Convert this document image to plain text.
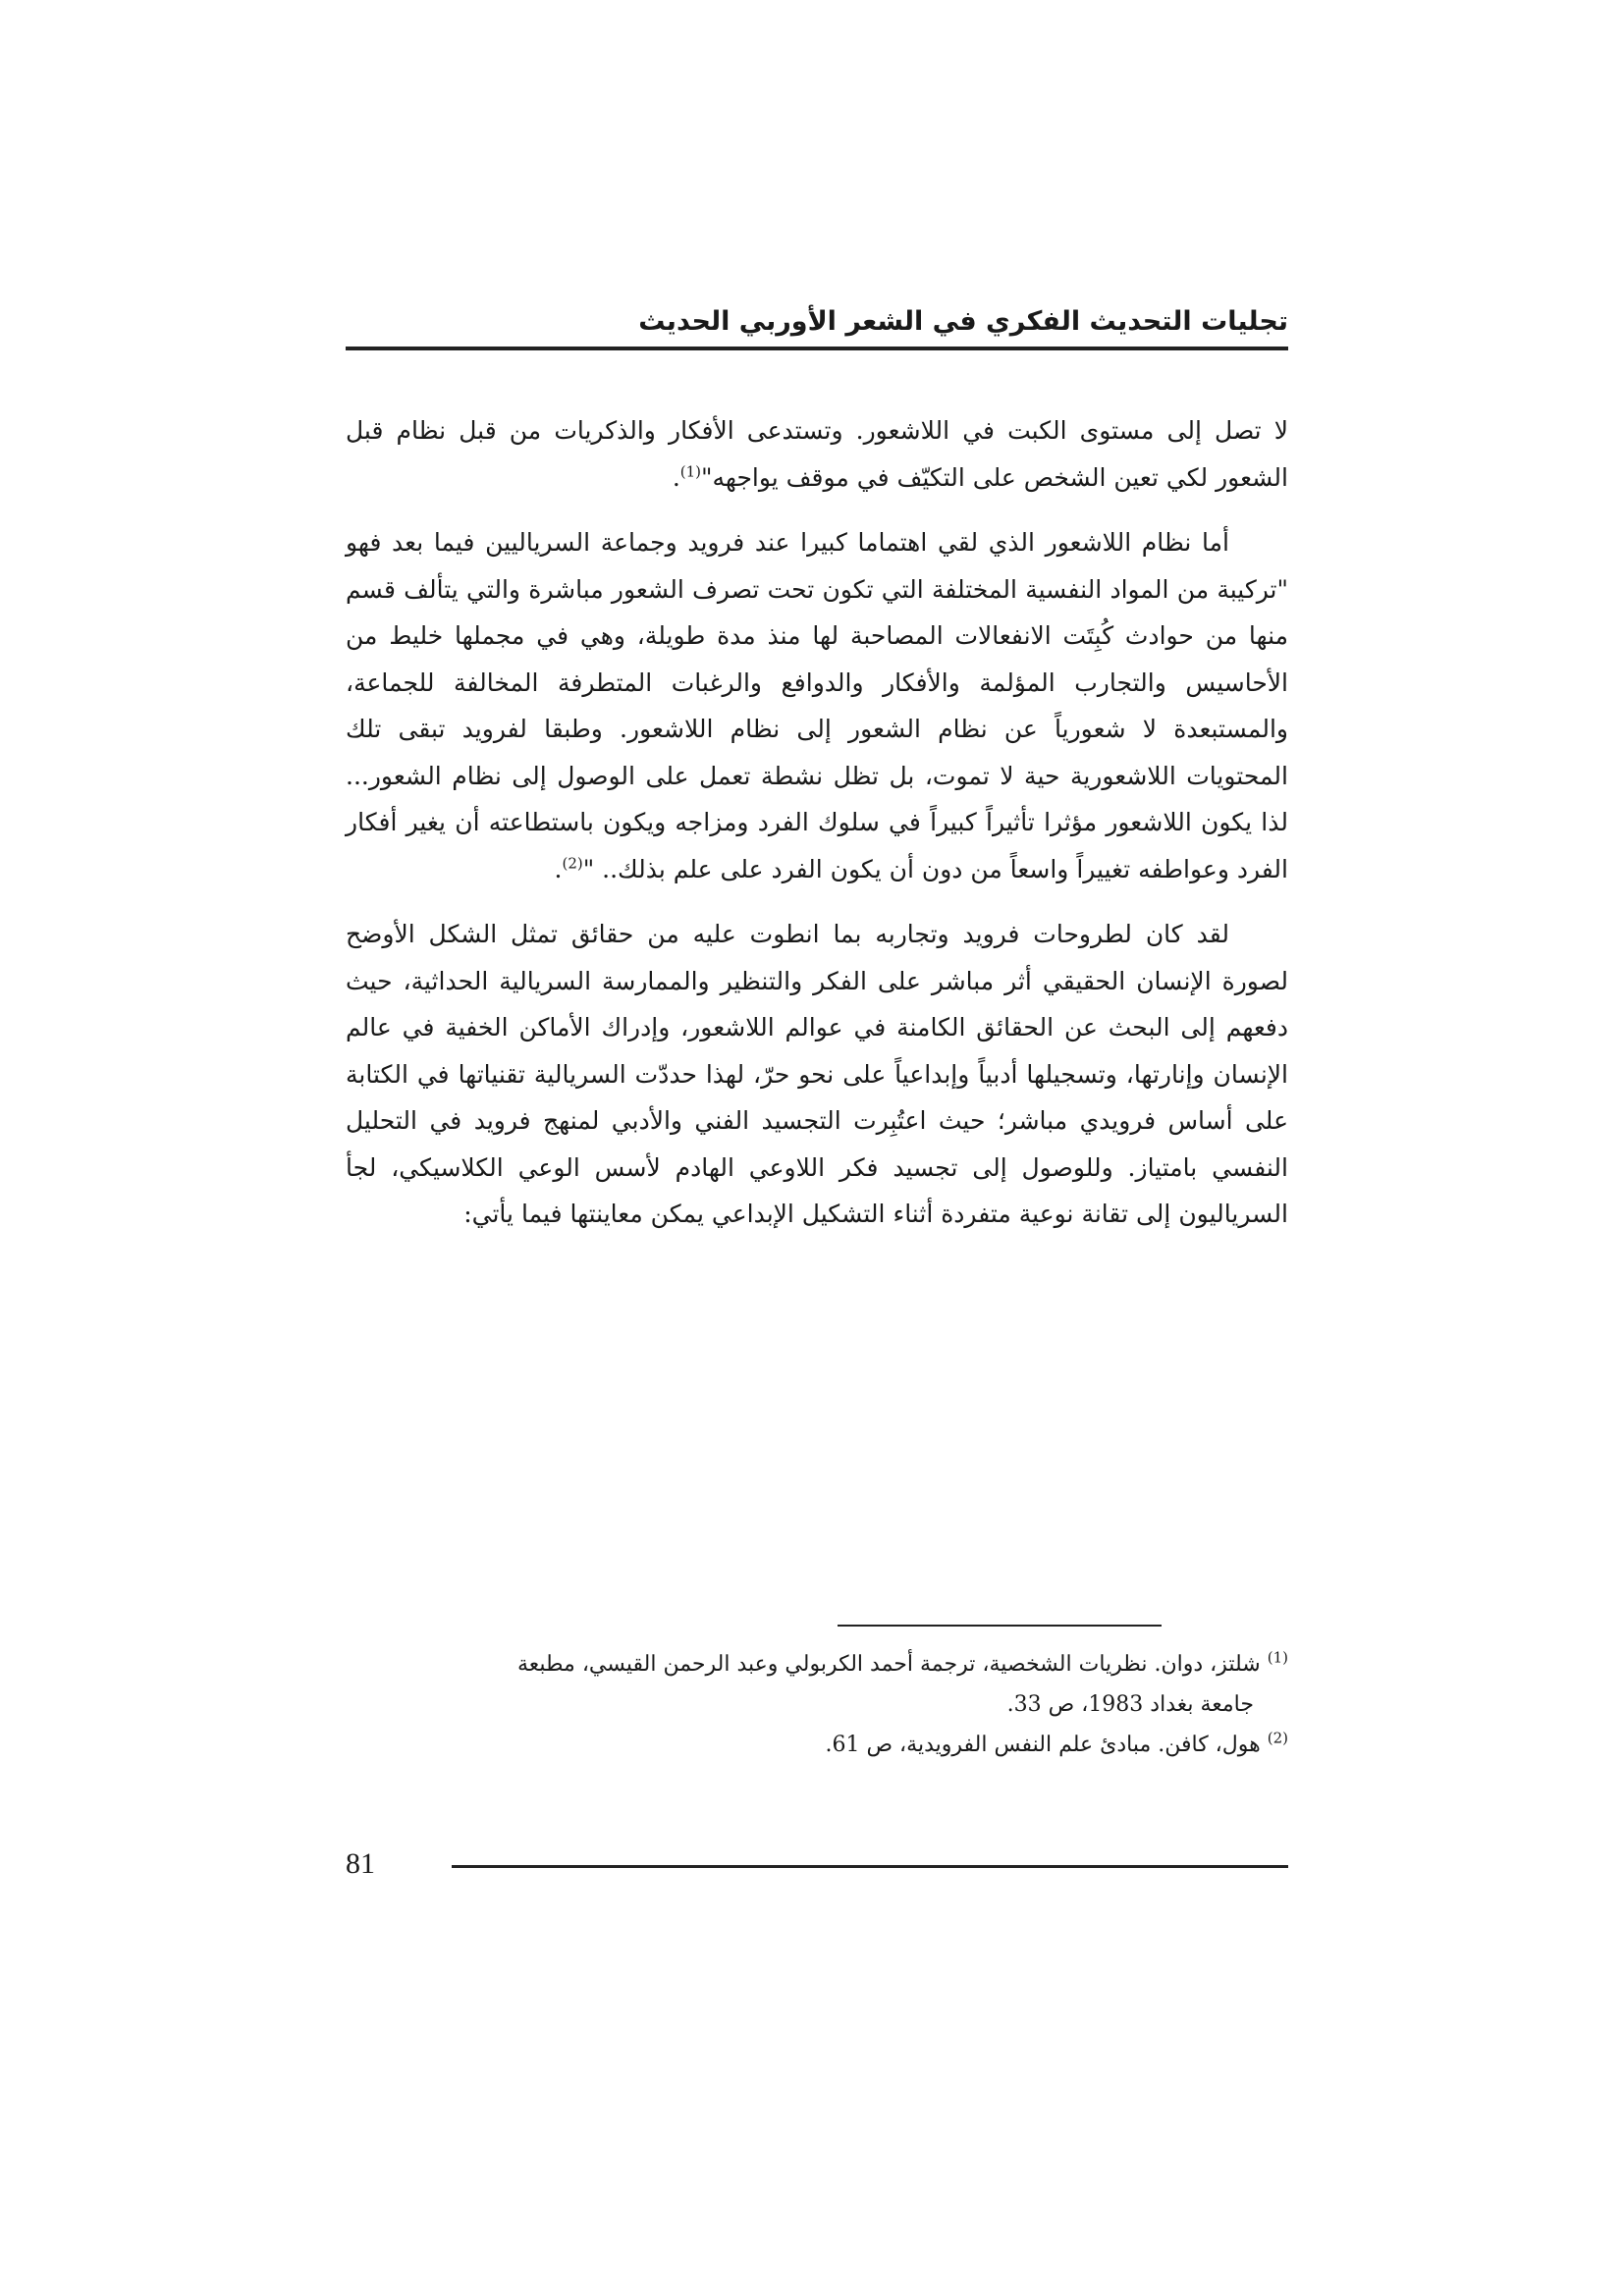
تجليات التحديث الفكري في الشعر الأوربي الحديث

لا تصل إلى مستوى الكبت في اللاشعور. وتستدعى الأفكار والذكريات من قبل نظام قبل الشعور لكي تعين الشخص على التكيّف في موقف يواجهه"$^{(1)}$.

أما نظام اللاشعور الذي لقي اهتماما كبيرا عند فرويد وجماعة السرياليين فيما بعد فهو "تركيبة من المواد النفسية المختلفة التي تكون تحت تصرف الشعور مباشرة والتي يتألف قسم منها من حوادث كُبِتَت الانفعالات المصاحبة لها منذ مدة طويلة، وهي في مجملها خليط من الأحاسيس والتجارب المؤلمة والأفكار والدوافع والرغبات المتطرفة المخالفة للجماعة، والمستبعدة لا شعورياً عن نظام الشعور إلى نظام اللاشعور. وطبقا لفرويد تبقى تلك المحتويات اللاشعورية حية لا تموت، بل تظل نشطة تعمل على الوصول إلى نظام الشعور... لذا يكون اللاشعور مؤثرا تأثيراً كبيراً في سلوك الفرد ومزاجه ويكون باستطاعته أن يغير أفكار الفرد وعواطفه تغييراً واسعاً من دون أن يكون الفرد على علم بذلك.. "$^{(2)}$.

لقد كان لطروحات فرويد وتجاربه بما انطوت عليه من حقائق تمثل الشكل الأوضح لصورة الإنسان الحقيقي أثر مباشر على الفكر والتنظير والممارسة السريالية الحداثية، حيث دفعهم إلى البحث عن الحقائق الكامنة في عوالم اللاشعور، وإدراك الأماكن الخفية في عالم الإنسان وإنارتها، وتسجيلها أدبياً وإبداعياً على نحو حرّ، لهذا حددّت السريالية تقنياتها في الكتابة على أساس فرويدي مباشر؛ حيث اعتُبِرت التجسيد الفني والأدبي لمنهج فرويد في التحليل النفسي بامتياز. وللوصول إلى تجسيد فكر اللاوعي الهادم لأسس الوعي الكلاسيكي، لجأ السرياليون إلى تقانة نوعية متفردة أثناء التشكيل الإبداعي يمكن معاينتها فيما يأتي:

$^{(1)}$ شلتز، دوان. نظريات الشخصية، ترجمة أحمد الكربولي وعبد الرحمن القيسي، مطبعة

جامعة بغداد 1983، ص 33.

$^{(2)}$ هول، كافن. مبادئ علم النفس الفرويدية، ص 61.

81
